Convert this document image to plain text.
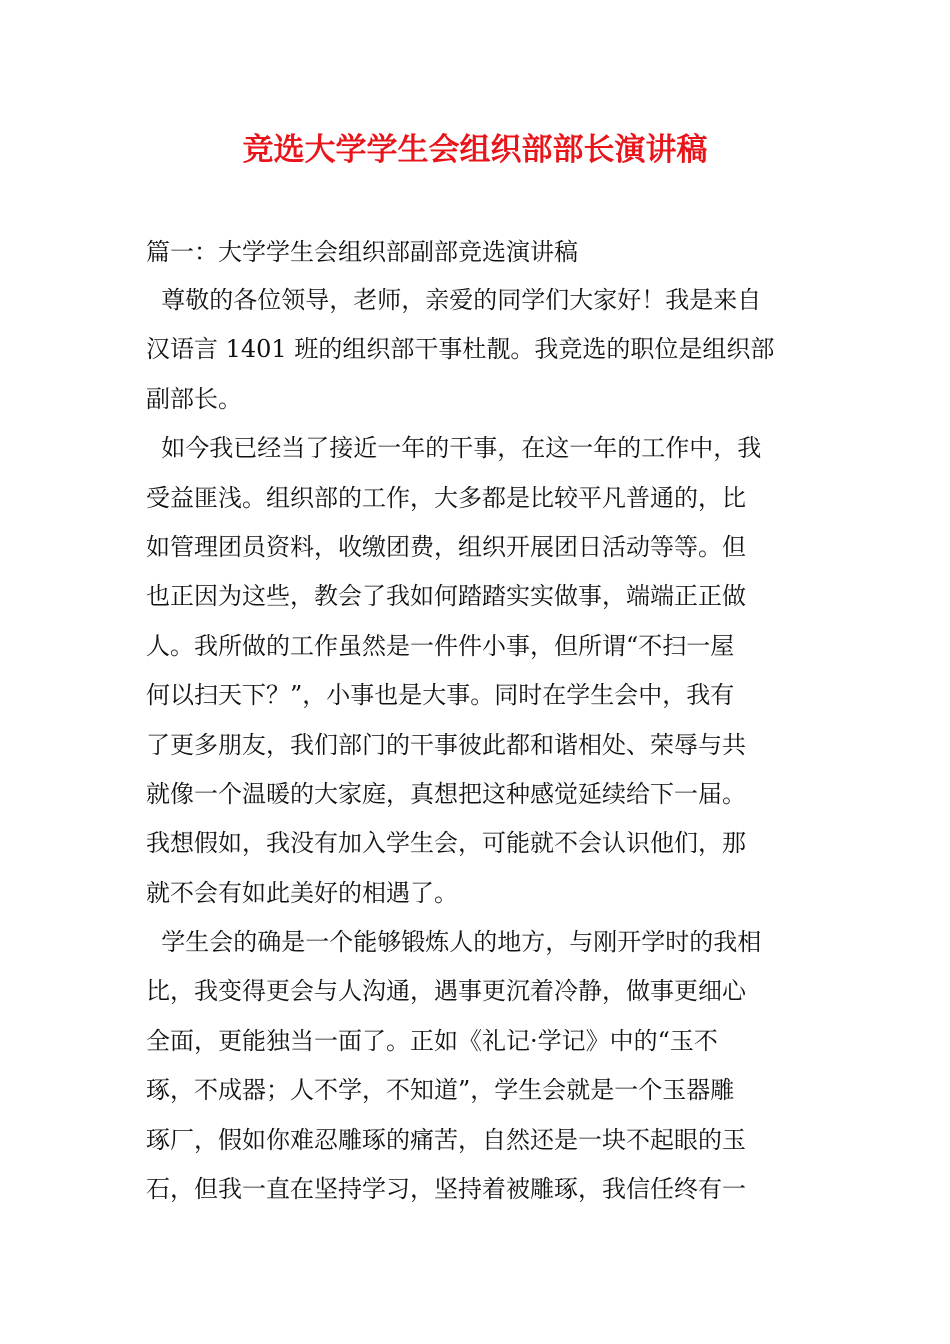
竞选大学学生会组织部部长演讲稿

篇一：大学学生会组织部副部竞选演讲稿

尊敬的各位领导，老师，亲爱的同学们大家好！我是来自
汉语言 1401 班的组织部干事杜靓。我竞选的职位是组织部
副部长。
如今我已经当了接近一年的干事，在这一年的工作中，我
受益匪浅。组织部的工作，大多都是比较平凡普通的，比
如管理团员资料，收缴团费，组织开展团日活动等等。但
也正因为这些，教会了我如何踏踏实实做事，端端正正做
人。我所做的工作虽然是一件件小事，但所谓“不扫一屋
何以扫天下？”，小事也是大事。同时在学生会中，我有
了更多朋友，我们部门的干事彼此都和谐相处、荣辱与共
就像一个温暖的大家庭，真想把这种感觉延续给下一届。
我想假如，我没有加入学生会，可能就不会认识他们，那
就不会有如此美好的相遇了。
学生会的确是一个能够锻炼人的地方，与刚开学时的我相
比，我变得更会与人沟通，遇事更沉着冷静，做事更细心
全面，更能独当一面了。正如《礼记·学记》中的“玉不
琢，不成器；人不学，不知道”，学生会就是一个玉器雕
琢厂，假如你难忍雕琢的痛苦，自然还是一块不起眼的玉
石，但我一直在坚持学习，坚持着被雕琢，我信任终有一
